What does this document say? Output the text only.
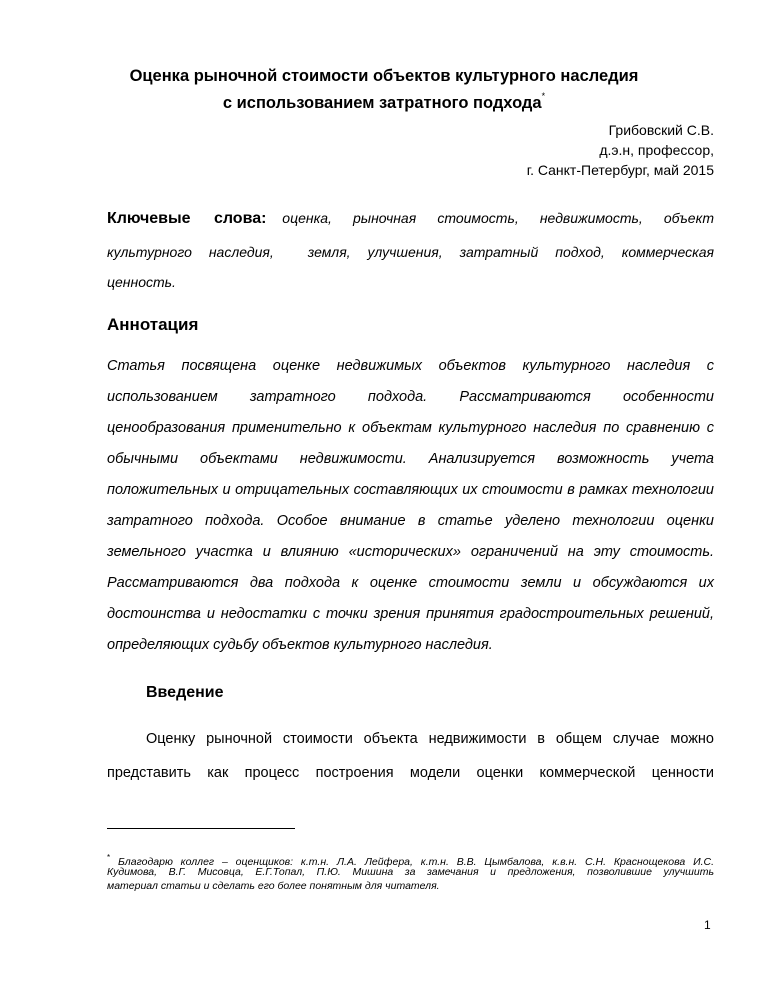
Оценка рыночной стоимости объектов культурного наследия
с использованием затратного подхода*
Грибовский С.В.
д.э.н, профессор,
г. Санкт-Петербург, май 2015
Ключевые    слова: оценка,    рыночная    стоимость,    недвижимость,    объект
культурного  наследия,    земля,  улучшения,  затратный  подход,  коммерческая
ценность.
Аннотация
Статья посвящена оценке недвижимых объектов культурного наследия с
использованием затратного подхода. Рассматриваются особенности
ценообразования применительно к объектам культурного наследия по сравнению с
обычными объектами недвижимости. Анализируется возможность учета
положительных и отрицательных составляющих их стоимости в рамках технологии
затратного подхода. Особое внимание в статье уделено технологии оценки
земельного участка и влиянию «исторических» ограничений на эту стоимость.
Рассматриваются два подхода к оценке стоимости земли и обсуждаются их
достоинства и недостатки с точки зрения принятия градостроительных решений,
определяющих судьбу объектов культурного наследия.
Введение
Оценку рыночной стоимости объекта недвижимости в общем случае можно
представить как процесс построения модели оценки коммерческой ценности
* Благодарю коллег – оценщиков: к.т.н. Л.А. Лейфера, к.т.н. В.В. Цымбалова, к.в.н. С.Н. Краснощекова И.С.
Кудимова, В.Г. Мисовца, Е.Г.Топал, П.Ю. Мишина за замечания и предложения, позволившие улучшить
материал статьи и сделать его более понятным для читателя.
1
